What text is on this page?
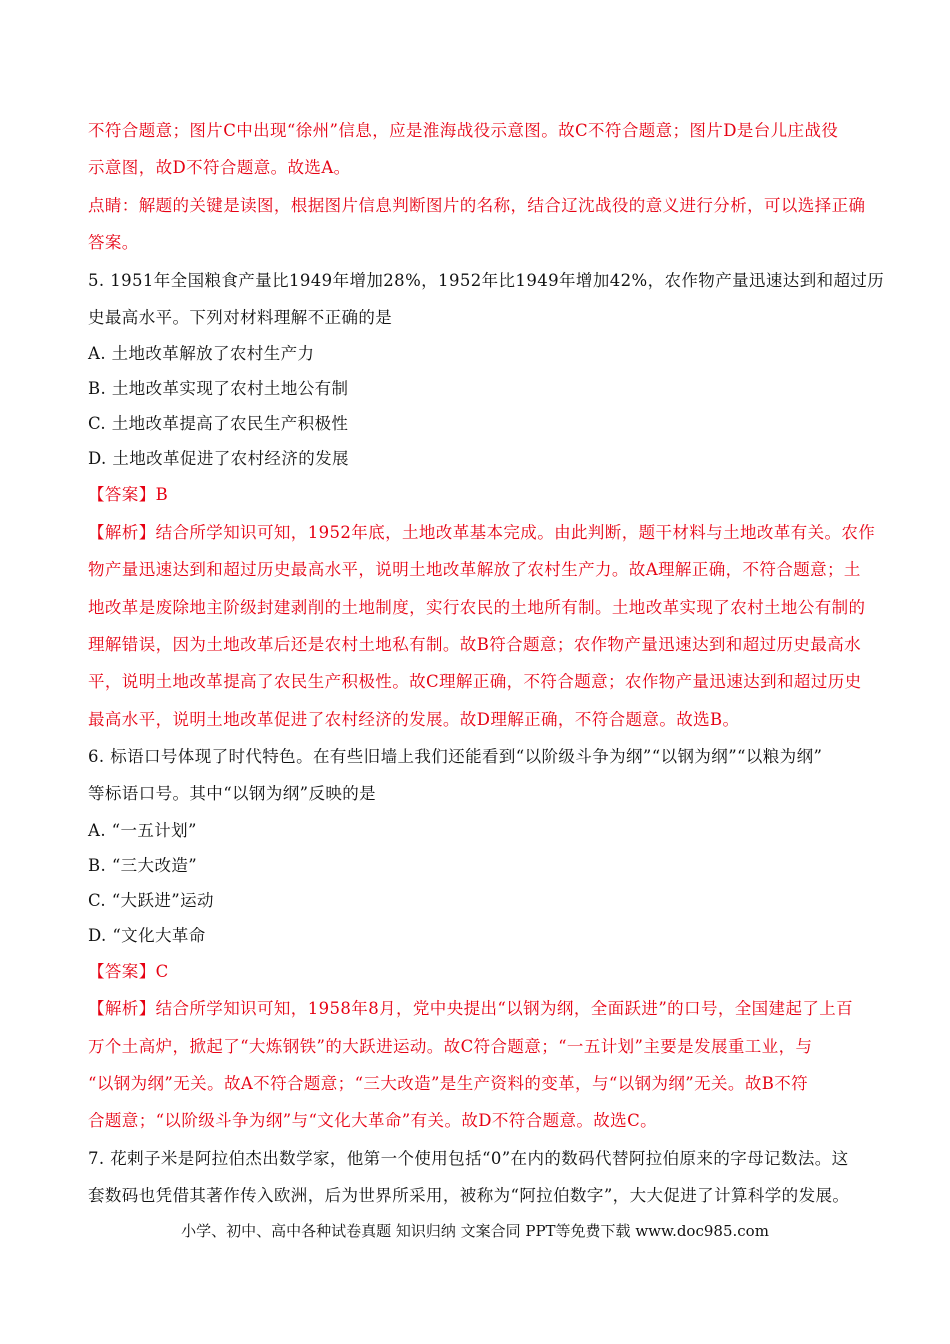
不符合题意；图片C中出现“徐州”信息，应是淮海战役示意图。故C不符合题意；图片D是台儿庄战役
示意图，故D不符合题意。故选A。
点睛：解题的关键是读图，根据图片信息判断图片的名称，结合辽沈战役的意义进行分析，可以选择正确
答案。
5. 1951年全国粮食产量比1949年增加28%，1952年比1949年增加42%，农作物产量迅速达到和超过历
史最高水平。下列对材料理解不正确的是
A. 土地改革解放了农村生产力
B. 土地改革实现了农村土地公有制
C. 土地改革提高了农民生产积极性
D. 土地改革促进了农村经济的发展
【答案】B
【解析】结合所学知识可知，1952年底，土地改革基本完成。由此判断，题干材料与土地改革有关。农作
物产量迅速达到和超过历史最高水平，说明土地改革解放了农村生产力。故A理解正确，不符合题意；土
地改革是废除地主阶级封建剥削的土地制度，实行农民的土地所有制。土地改革实现了农村土地公有制的
理解错误，因为土地改革后还是农村土地私有制。故B符合题意；农作物产量迅速达到和超过历史最高水
平，说明土地改革提高了农民生产积极性。故C理解正确，不符合题意；农作物产量迅速达到和超过历史
最高水平，说明土地改革促进了农村经济的发展。故D理解正确，不符合题意。故选B。
6. 标语口号体现了时代特色。在有些旧墙上我们还能看到“以阶级斗争为纲”“以钢为纲”“以粮为纲”
等标语口号。其中“以钢为纲”反映的是
A. “一五计划”
B. “三大改造”
C. “大跃进”运动
D. “文化大革命
【答案】C
【解析】结合所学知识可知，1958年8月，党中央提出“以钢为纲，全面跃进”的口号，全国建起了上百
万个土高炉，掀起了“大炼钢铁”的大跃进运动。故C符合题意；“一五计划”主要是发展重工业，与
“以钢为纲”无关。故A不符合题意；“三大改造”是生产资料的变革，与“以钢为纲”无关。故B不符
合题意；“以阶级斗争为纲”与“文化大革命”有关。故D不符合题意。故选C。
7. 花剌子米是阿拉伯杰出数学家，他第一个使用包括“0”在内的数码代替阿拉伯原来的字母记数法。这
套数码也凭借其著作传入欧洲，后为世界所采用，被称为“阿拉伯数字”，大大促进了计算科学的发展。
小学、初中、高中各种试卷真题 知识归纳 文案合同 PPT等免费下载 www.doc985.com
